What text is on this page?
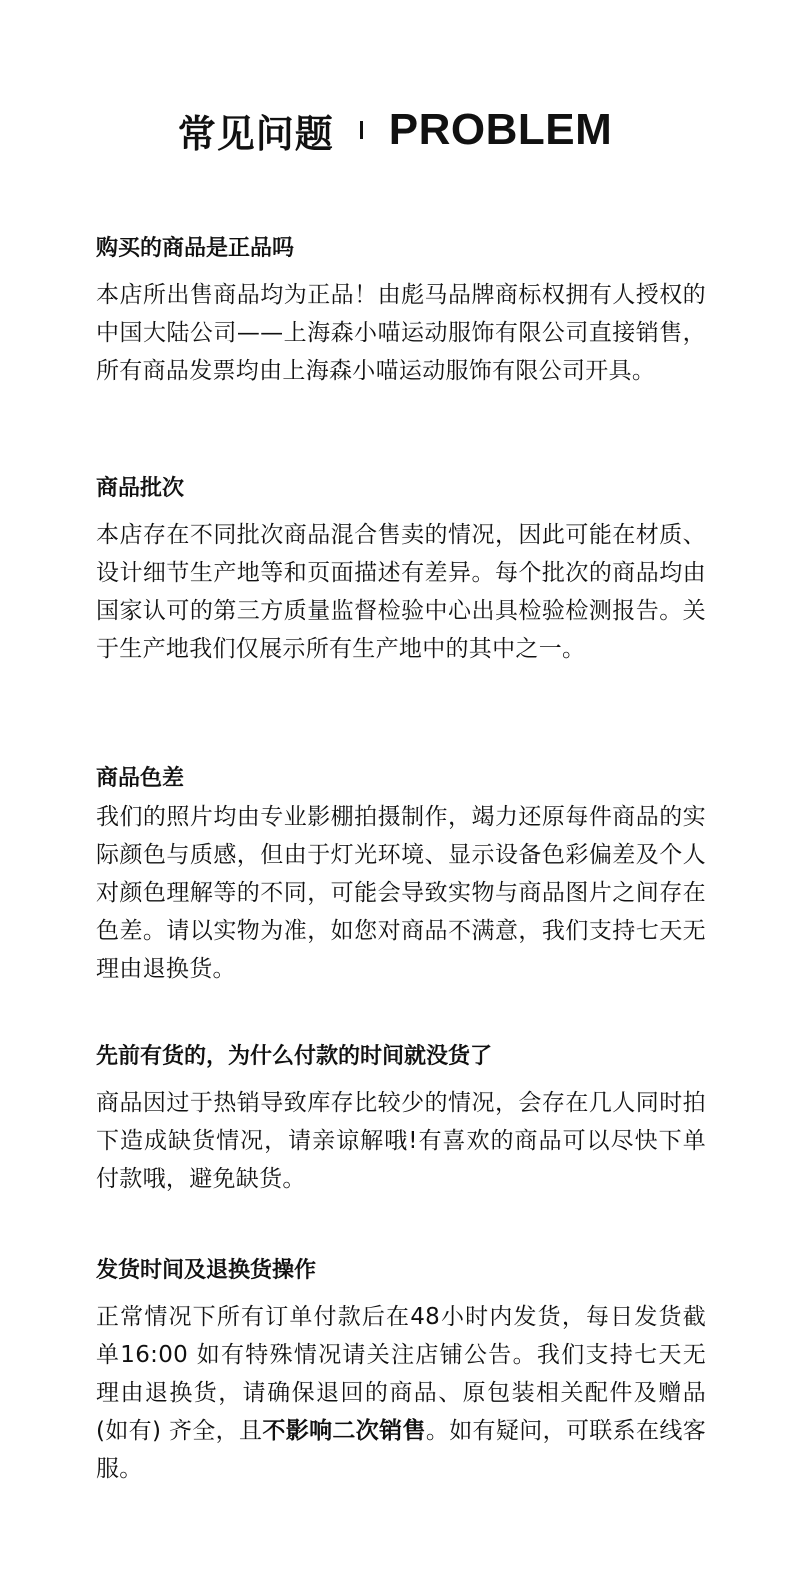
常见问题 PROBLEM
购买的商品是正品吗

本店所出售商品均为正品！由彪马品牌商标权拥有人授权的中国大陆公司——上海森小喵运动服饰有限公司直接销售，所有商品发票均由上海森小喵运动服饰有限公司开具。

商品批次

本店存在不同批次商品混合售卖的情况，因此可能在材质、设计细节生产地等和页面描述有差异。每个批次的商品均由国家认可的第三方质量监督检验中心出具检验检测报告。关于生产地我们仅展示所有生产地中的其中之一。

商品色差

我们的照片均由专业影棚拍摄制作，竭力还原每件商品的实际颜色与质感，但由于灯光环境、显示设备色彩偏差及个人对颜色理解等的不同，可能会导致实物与商品图片之间存在色差。请以实物为准，如您对商品不满意，我们支持七天无理由退换货。

先前有货的，为什么付款的时间就没货了

商品因过于热销导致库存比较少的情况，会存在几人同时拍下造成缺货情况，请亲谅解哦!有喜欢的商品可以尽快下单付款哦，避免缺货。

发货时间及退换货操作

正常情况下所有订单付款后在48小时内发货，每日发货截单16:00 如有特殊情况请关注店铺公告。我们支持七天无理由退换货，请确保退回的商品、原包装相关配件及赠品 (如有) 齐全，且不影响二次销售。如有疑问，可联系在线客服。
